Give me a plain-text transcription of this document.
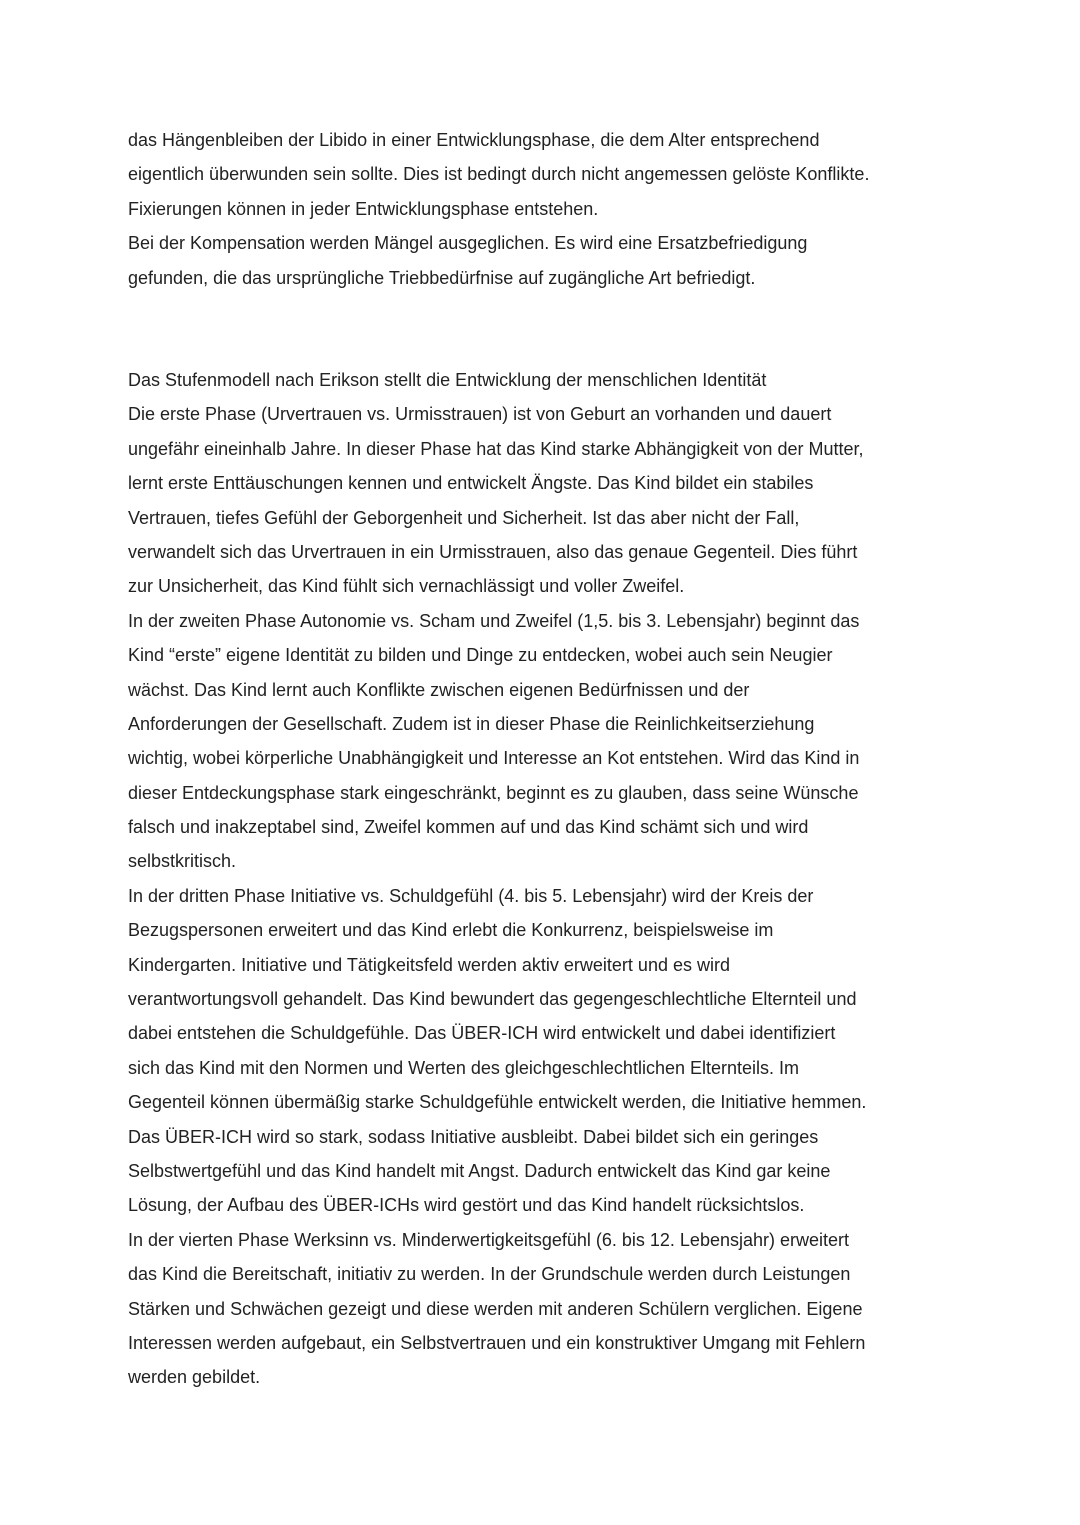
das Hängenbleiben der Libido in einer Entwicklungsphase, die dem Alter entsprechend
eigentlich überwunden sein sollte. Dies ist bedingt durch nicht angemessen gelöste Konflikte.
Fixierungen können in jeder Entwicklungsphase entstehen.
Bei der Kompensation werden Mängel ausgeglichen. Es wird eine Ersatzbefriedigung
gefunden, die das ursprüngliche Triebbedürfnise auf zugängliche Art befriedigt.
Das Stufenmodell nach Erikson stellt die Entwicklung der menschlichen Identität
Die erste Phase (Urvertrauen vs. Urmisstrauen) ist von Geburt an vorhanden und dauert
ungefähr eineinhalb Jahre. In dieser Phase hat das Kind starke Abhängigkeit von der Mutter,
lernt erste Enttäuschungen kennen und entwickelt Ängste. Das Kind bildet ein stabiles
Vertrauen, tiefes Gefühl der Geborgenheit und Sicherheit. Ist das aber nicht der Fall,
verwandelt sich das Urvertrauen in ein Urmisstrauen, also das genaue Gegenteil. Dies führt
zur Unsicherheit, das Kind fühlt sich vernachlässigt und voller Zweifel.
In der zweiten Phase Autonomie vs. Scham und Zweifel (1,5. bis 3. Lebensjahr) beginnt das
Kind “erste” eigene Identität zu bilden und Dinge zu entdecken, wobei auch sein Neugier
wächst. Das Kind lernt auch Konflikte zwischen eigenen Bedürfnissen und der
Anforderungen der Gesellschaft. Zudem ist in dieser Phase die Reinlichkeitserziehung
wichtig, wobei körperliche Unabhängigkeit und Interesse an Kot entstehen. Wird das Kind in
dieser Entdeckungsphase stark eingeschränkt, beginnt es zu glauben, dass seine Wünsche
falsch und inakzeptabel sind, Zweifel kommen auf und das Kind schämt sich und wird
selbstkritisch.
In der dritten Phase Initiative vs. Schuldgefühl (4. bis 5. Lebensjahr) wird der Kreis der
Bezugspersonen erweitert und das Kind erlebt die Konkurrenz, beispielsweise im
Kindergarten. Initiative und Tätigkeitsfeld werden aktiv erweitert und es wird
verantwortungsvoll gehandelt. Das Kind bewundert das gegengeschlechtliche Elternteil und
dabei entstehen die Schuldgefühle. Das ÜBER-ICH wird entwickelt und dabei identifiziert
sich das Kind mit den Normen und Werten des gleichgeschlechtlichen Elternteils. Im
Gegenteil können übermäßig starke Schuldgefühle entwickelt werden, die Initiative hemmen.
Das ÜBER-ICH wird so stark, sodass Initiative ausbleibt. Dabei bildet sich ein geringes
Selbstwertgefühl und das Kind handelt mit Angst. Dadurch entwickelt das Kind gar keine
Lösung, der Aufbau des ÜBER-ICHs wird gestört und das Kind handelt rücksichtslos.
In der vierten Phase Werksinn vs. Minderwertigkeitsgefühl (6. bis 12. Lebensjahr) erweitert
das Kind die Bereitschaft, initiativ zu werden. In der Grundschule werden durch Leistungen
Stärken und Schwächen gezeigt und diese werden mit anderen Schülern verglichen. Eigene
Interessen werden aufgebaut, ein Selbstvertrauen und ein konstruktiver Umgang mit Fehlern
werden gebildet.
